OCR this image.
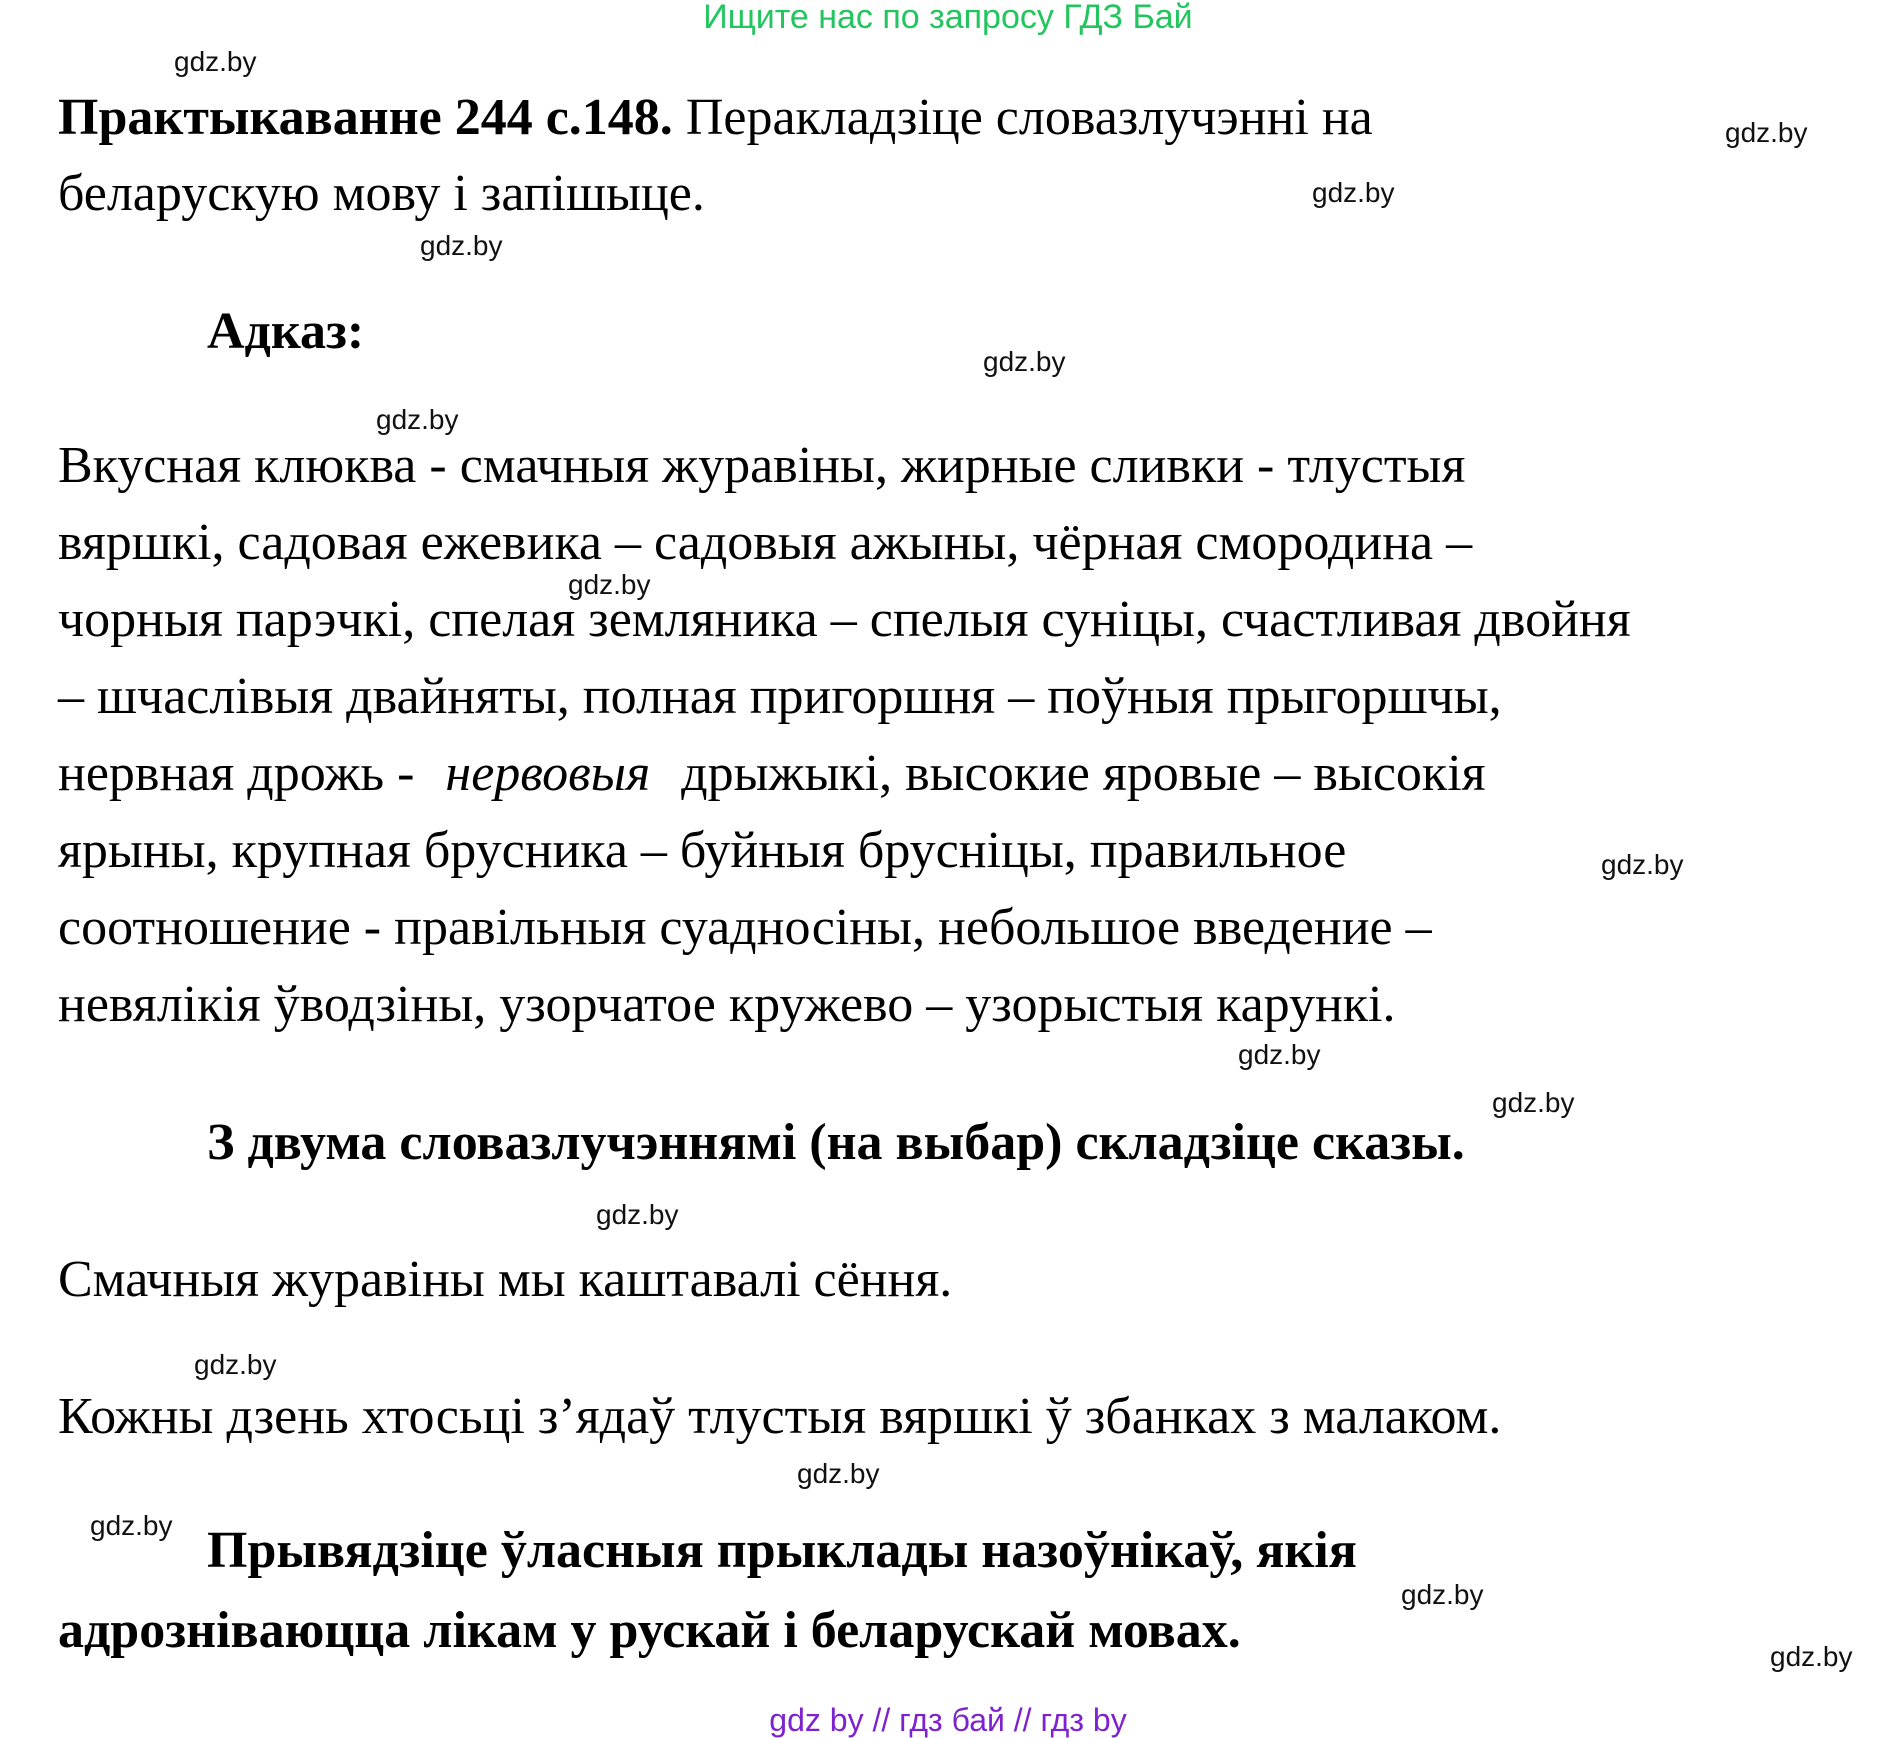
Ищите нас по запросу ГДЗ Бай
Практыкаванне 244 с.148. Перакладзіце словазлучэнні на
беларускую мову і запішыце.
Адказ:
Вкусная клюква - смачныя журавіны, жирные сливки - тлустыя
вяршкі, садовая ежевика – садовыя ажыны, чёрная смородина –
чорныя парэчкі, спелая земляника – спелыя суніцы, счастливая двойня
– шчаслівыя двайняты, полная пригоршня – поўныя прыгоршчы,
нервная дрожь - нервовыя дрыжыкі, высокие яровые – высокія
ярыны, крупная брусника – буйныя брусніцы, правильное
соотношение - правільныя суадносіны, небольшое введение –
невялікія ўводзіны, узорчатое кружево – узорыстыя карункі.
З двума словазлучэннямі (на выбар) складзіце сказы.
Смачныя журавіны мы каштавалі сёння.
Кожны дзень хтосьці з’ядаў тлустыя вяршкі ў збанках з малаком.
Прывядзіце ўласныя прыклады назоўнікаў, якія
адрозніваюцца лікам у рускай і беларускай мовах.
gdz.by
gdz.by
gdz.by
gdz.by
gdz.by
gdz.by
gdz.by
gdz.by
gdz.by
gdz.by
gdz.by
gdz.by
gdz.by
gdz.by
gdz.by
gdz.by
gdz by // гдз бай // гдз by
